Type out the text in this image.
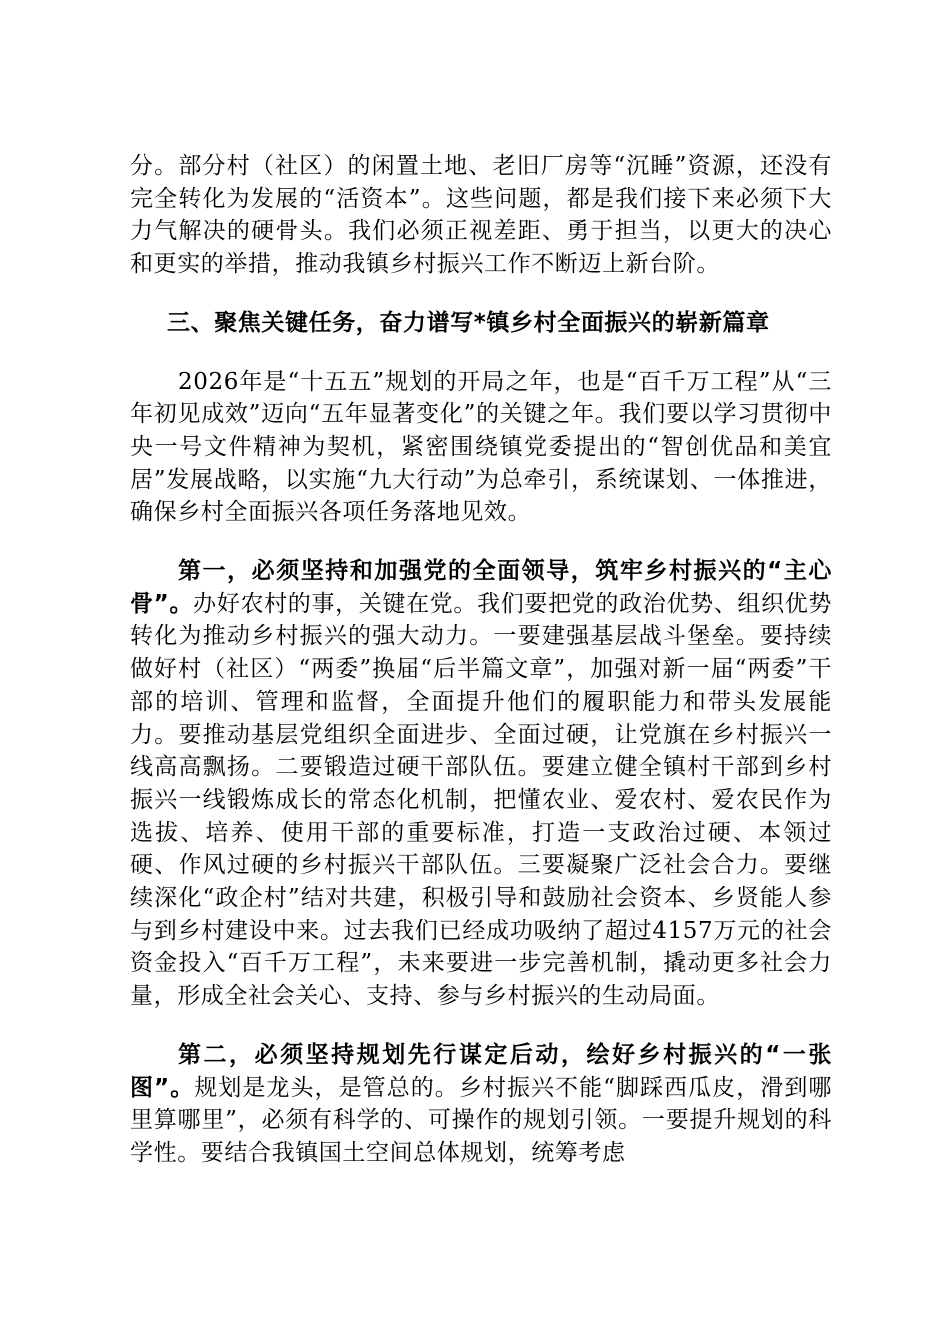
分。部分村（社区）的闲置土地、老旧厂房等“沉睡”资源，还没有完全转化为发展的“活资本”。这些问题，都是我们接下来必须下大力气解决的硬骨头。我们必须正视差距、勇于担当，以更大的决心和更实的举措，推动我镇乡村振兴工作不断迈上新台阶。

三、聚焦关键任务，奋力谱写*镇乡村全面振兴的崭新篇章

2026年是“十五五”规划的开局之年，也是“百千万工程”从“三年初见成效”迈向“五年显著变化”的关键之年。我们要以学习贯彻中央一号文件精神为契机，紧密围绕镇党委提出的“智创优品和美宜居”发展战略，以实施“九大行动”为总牵引，系统谋划、一体推进，确保乡村全面振兴各项任务落地见效。

第一，必须坚持和加强党的全面领导，筑牢乡村振兴的“主心骨”。办好农村的事，关键在党。我们要把党的政治优势、组织优势转化为推动乡村振兴的强大动力。一要建强基层战斗堡垒。要持续做好村（社区）“两委”换届“后半篇文章”，加强对新一届“两委”干部的培训、管理和监督，全面提升他们的履职能力和带头发展能力。要推动基层党组织全面进步、全面过硬，让党旗在乡村振兴一线高高飘扬。二要锻造过硬干部队伍。要建立健全镇村干部到乡村振兴一线锻炼成长的常态化机制，把懂农业、爱农村、爱农民作为选拔、培养、使用干部的重要标准，打造一支政治过硬、本领过硬、作风过硬的乡村振兴干部队伍。三要凝聚广泛社会合力。要继续深化“政企村”结对共建，积极引导和鼓励社会资本、乡贤能人参与到乡村建设中来。过去我们已经成功吸纳了超过4157万元的社会资金投入“百千万工程”，未来要进一步完善机制，撬动更多社会力量，形成全社会关心、支持、参与乡村振兴的生动局面。

第二，必须坚持规划先行谋定后动，绘好乡村振兴的“一张图”。规划是龙头，是管总的。乡村振兴不能“脚踩西瓜皮，滑到哪里算哪里”，必须有科学的、可操作的规划引领。一要提升规划的科学性。要结合我镇国土空间总体规划，统筹考虑
